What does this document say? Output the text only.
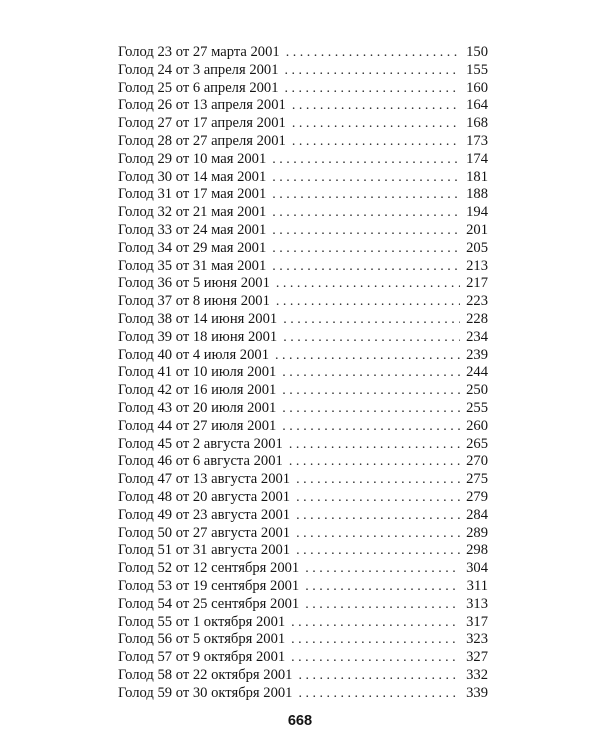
Голод 23 от 27 марта 2001 . . .	150
Голод 24 от 3 апреля 2001 . . .	155
Голод 25 от 6 апреля 2001 . . .	160
Голод 26 от 13 апреля 2001 . . .	164
Голод 27 от 17 апреля 2001 . . .	168
Голод 28 от 27 апреля 2001 . . .	173
Голод 29 от 10 мая 2001 . . .	174
Голод 30 от 14 мая 2001 . . .	181
Голод 31 от 17 мая 2001 . . .	188
Голод 32 от 21 мая 2001 . . .	194
Голод 33 от 24 мая 2001 . . .	201
Голод 34 от 29 мая 2001 . . .	205
Голод 35 от 31 мая 2001 . . .	213
Голод 36 от 5 июня 2001 . . .	217
Голод 37 от 8 июня 2001 . . .	223
Голод 38 от 14 июня 2001 . . .	228
Голод 39 от 18 июня 2001 . . .	234
Голод 40 от 4 июля 2001 . . .	239
Голод 41 от 10 июля 2001 . . .	244
Голод 42 от 16 июля 2001 . . .	250
Голод 43 от 20 июля 2001 . . .	255
Голод 44 от 27 июля 2001 . . .	260
Голод 45 от 2 августа 2001 . . .	265
Голод 46 от 6 августа 2001 . . .	270
Голод 47 от 13 августа 2001 . . .	275
Голод 48 от 20 августа 2001 . . .	279
Голод 49 от 23 августа 2001 . . .	284
Голод 50 от 27 августа 2001 . . .	289
Голод 51 от 31 августа 2001 . . .	298
Голод 52 от 12 сентября 2001 . . .	304
Голод 53 от 19 сентября 2001 . . .	311
Голод 54 от 25 сентября 2001 . . .	313
Голод 55 от 1 октября 2001 . . .	317
Голод 56 от 5 октября 2001 . . .	323
Голод 57 от 9 октября 2001 . . .	327
Голод 58 от 22 октября 2001 . . .	332
Голод 59 от 30 октября 2001 . . .	339
668
